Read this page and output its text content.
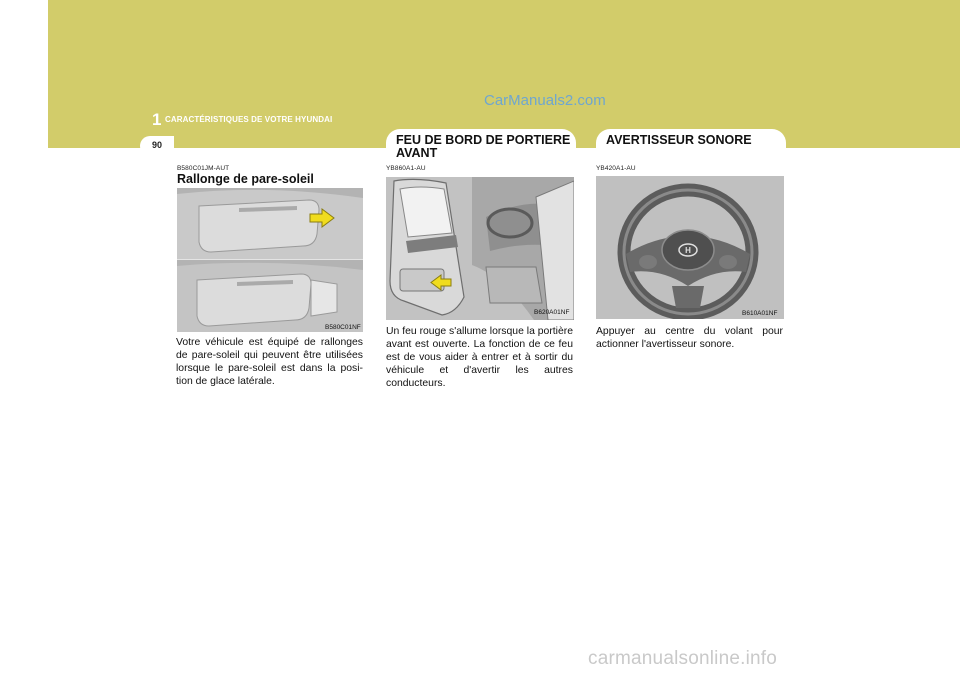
1 CARACTÉRISTIQUES DE VOTRE HYUNDAI
CarManuals2.com
90	FEU DE BORD DE PORTIERE AVANT
AVERTISSEUR SONORE
B580C01JM-AUT
Rallonge de pare-soleil
B580C01NF
Votre véhicule est équipé de rallonges de pare-soleil qui peuvent être utilisées lorsque le pare-soleil est dans la posi- tion de glace latérale.
YB860A1-AU
B620A01NF
Un feu rouge s'allume lorsque la portière avant est ouverte. La fonction de ce feu est de vous aider à entrer et à sortir du véhicule et d'avertir les autres conducteurs.
YB420A1-AU
H
B610A01NF
Appuyer au centre du volant pour actionner l'avertisseur sonore.
carmanualsonline.info
